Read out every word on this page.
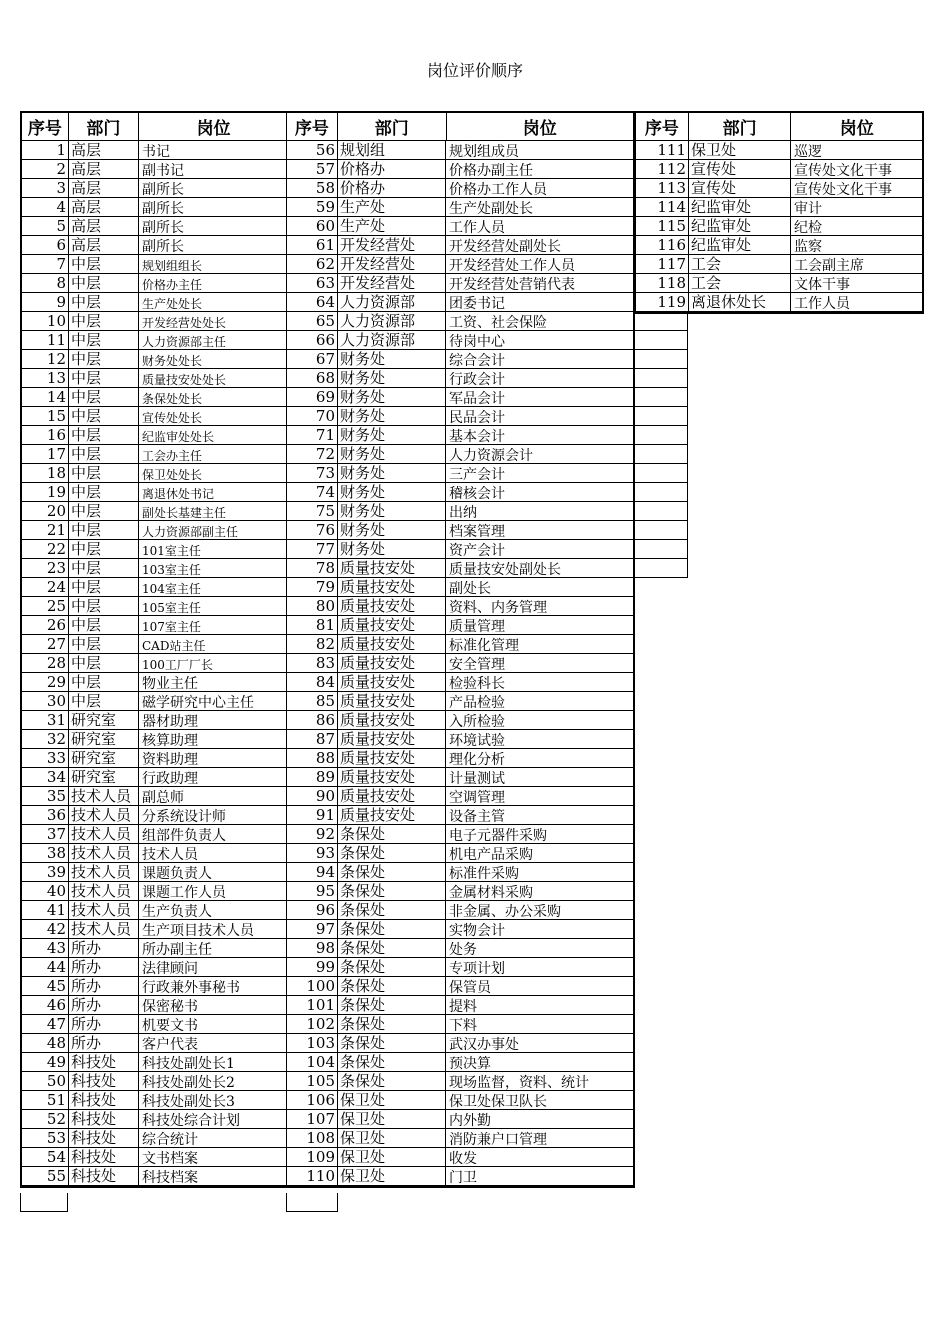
岗位评价顺序
序号	部门	岗位
1 高层	书记
2 高层	副书记
3 高层	副所长
4 高层	副所长
5 高层	副所长
6 高层	副所长
7 中层	规划组组长
8 中层	价格办主任
9 中层	生产处处长
10 中层	开发经营处处长
11 中层	人力资源部主任
12 中层	财务处处长
13 中层	质量技安处处长
14 中层	条保处处长
15 中层	宣传处处长
16 中层	纪监审处处长
17 中层	工会办主任
18 中层	保卫处处长
19 中层	离退休处书记
20 中层	副处长基建主任
21 中层	人力资源部副主任
22 中层	101室主任
23 中层	103室主任
24 中层	104室主任
25 中层	105室主任
26 中层	107室主任
27 中层	CAD站主任
28 中层	100工厂厂长
29 中层	物业主任
30 中层	磁学研究中心主任
31 研究室	器材助理
32 研究室	核算助理
33 研究室	资料助理
34 研究室	行政助理
35 技术人员 副总师
36 技术人员 分系统设计师
37 技术人员 组部件负责人
38 技术人员 技术人员
39 技术人员 课题负责人
40 技术人员 课题工作人员
41 技术人员 生产负责人
42 技术人员 生产项目技术人员
43 所办	所办副主任
44 所办	法律顾问
45 所办	行政兼外事秘书
46 所办	保密秘书
47 所办	机要文书
48 所办	客户代表
49 科技处	科技处副处长1
50 科技处	科技处副处长2
51 科技处	科技处副处长3
52 科技处	科技处综合计划
53 科技处	综合统计
54 科技处	文书档案
55 科技处	科技档案
序号	部门	岗位
56 规划组	规划组成员
57 价格办	价格办副主任
58 价格办	价格办工作人员
59 生产处	生产处副处长
60 生产处	工作人员
61 开发经营处	开发经营处副处长
62 开发经营处	开发经营处工作人员
63 开发经营处	开发经营处营销代表
64 人力资源部	团委书记
65 人力资源部	工资、社会保险
66 人力资源部	待岗中心
67 财务处	综合会计
68 财务处	行政会计
69 财务处	军品会计
70 财务处	民品会计
71 财务处	基本会计
72 财务处	人力资源会计
73 财务处	三产会计
74 财务处	稽核会计
75 财务处	出纳
76 财务处	档案管理
77 财务处	资产会计
78 质量技安处	质量技安处副处长
79 质量技安处	副处长
80 质量技安处	资料、内务管理
81 质量技安处	质量管理
82 质量技安处	标准化管理
83 质量技安处	安全管理
84 质量技安处	检验科长
85 质量技安处	产品检验
86 质量技安处	入所检验
87 质量技安处	环境试验
88 质量技安处	理化分析
89 质量技安处	计量测试
90 质量技安处	空调管理
91 质量技安处	设备主管
92 条保处	电子元器件采购
93 条保处	机电产品采购
94 条保处	标准件采购
95 条保处	金属材料采购
96 条保处	非金属、办公采购
97 条保处	实物会计
98 条保处	处务
99 条保处	专项计划
100 条保处	保管员
101 条保处	提料
102 条保处	下料
103 条保处	武汉办事处
104 条保处	预决算
105 条保处	现场监督，资料、统计
106 保卫处	保卫处保卫队长
107 保卫处	内外勤
108 保卫处	消防兼户口管理
109 保卫处	收发
110 保卫处	门卫
序号	部门	岗位
111 保卫处	巡逻
112 宣传处	宣传处文化干事
113 宣传处	宣传处文化干事
114 纪监审处	审计
115 纪监审处	纪检
116 纪监审处	监察
117 工会	工会副主席
118 工会	文体干事
119 离退休处长	工作人员
